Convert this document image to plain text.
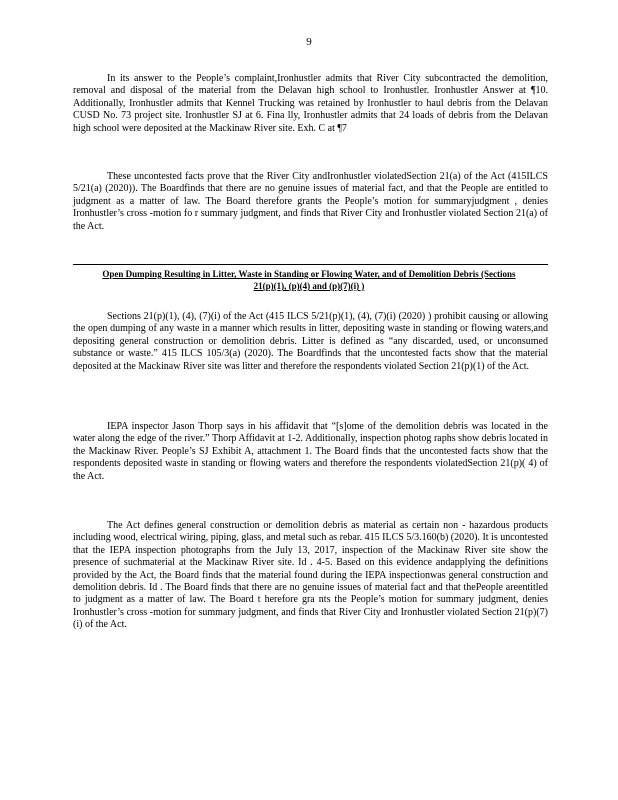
9

In its answer to the People’s complaint,Ironhustler admits that River City subcontracted the demolition, removal and disposal of the material from the Delavan high school to Ironhustler. Ironhustler Answer at ¶10. Additionally, Ironhustler admits that Kennel Trucking was retained by Ironhustler to haul debris from the Delavan CUSD No. 73 project site. Ironhustler SJ at 6. Fina lly, Ironhustler admits that 24 loads of debris from the Delavan high school were deposited at the Mackinaw River site. Exh. C at ¶7

These uncontested facts prove that the River City andIronhustler violatedSection 21(a) of the Act (415ILCS 5/21(a) (2020)). The Boardfinds that there are no genuine issues of material fact, and that the People are entitled to judgment as a matter of law. The Board therefore grants the People’s motion for summaryjudgment , denies Ironhustler’s cross -motion fo r summary judgment, and finds that River City and Ironhustler violated Section 21(a) of the Act.

Open Dumping Resulting in Litter, Waste in Standing or Flowing Water, and of Demolition Debris (Sections 21(p)(1), (p)(4) and (p)(7)(i) )

Sections 21(p)(1), (4), (7)(i) of the Act (415 ILCS 5/21(p)(1), (4), (7)(i) (2020) ) prohibit causing or allowing the open dumping of any waste in a manner which results in litter, depositing waste in standing or flowing waters,and depositing general construction or demolition debris. Litter is defined as “any discarded, used, or unconsumed substance or waste.” 415 ILCS 105/3(a) (2020). The Boardfinds that the uncontested facts show that the material deposited at the Mackinaw River site was litter and therefore the respondents violated Section 21(p)(1) of the Act.

IEPA inspector Jason Thorp says in his affidavit that “[s]ome of the demolition debris was located in the water along the edge of the river.” Thorp Affidavit at 1-2. Additionally, inspection photog raphs show debris located in the Mackinaw River. People’s SJ Exhibit A, attachment 1. The Board finds that the uncontested facts show that the respondents deposited waste in standing or flowing waters and therefore the respondents violatedSection 21(p)( 4) of the Act.

The Act defines general construction or demolition debris as material as certain non - hazardous products including wood, electrical wiring, piping, glass, and metal such as rebar. 415 ILCS 5/3.160(b) (2020). It is uncontested that the IEPA inspection photographs from the July 13, 2017, inspection of the Mackinaw River site show the presence of suchmaterial at the Mackinaw River site. Id . 4-5. Based on this evidence andapplying the definitions provided by the Act, the Board finds that the material found during the IEPA inspectionwas general construction and demolition debris. Id . The Board finds that there are no genuine issues of material fact and that thePeople areentitled to judgment as a matter of law. The Board t herefore gra nts the People’s motion for summary judgment, denies Ironhustler’s cross -motion for summary judgment, and finds that River City and Ironhustler violated Section 21(p)(7)(i) of the Act.
